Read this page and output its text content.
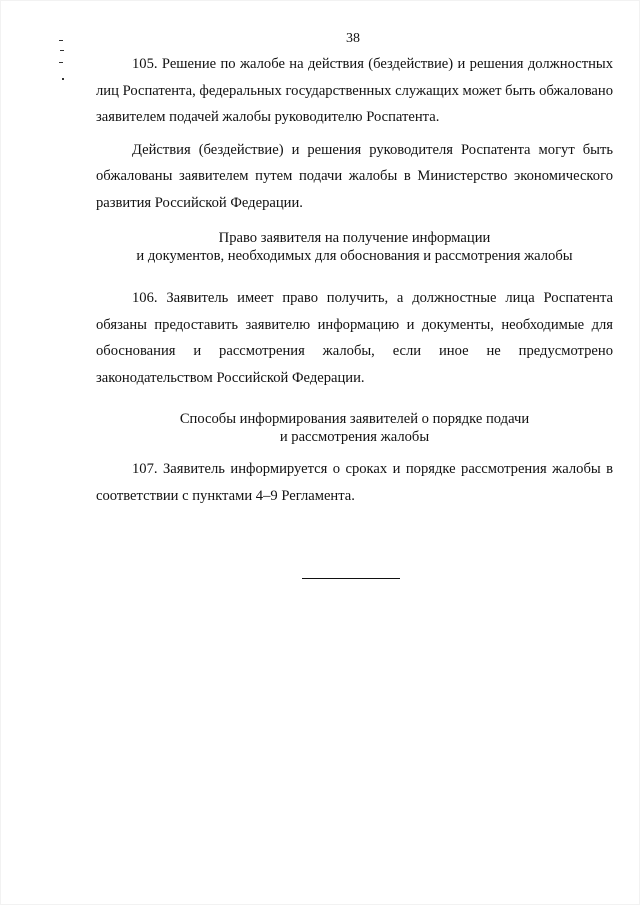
38

105. Решение по жалобе на действия (бездействие) и решения должностных лиц Роспатента, федеральных государственных служащих может быть обжаловано заявителем подачей жалобы руководителю Роспатента.

Действия (бездействие) и решения руководителя Роспатента могут быть обжалованы заявителем путем подачи жалобы в Министерство экономического развития Российской Федерации.

Право заявителя на получение информации
и документов, необходимых для обоснования и рассмотрения жалобы

106. Заявитель имеет право получить, а должностные лица Роспатента обязаны предоставить заявителю информацию и документы, необходимые для обоснования и рассмотрения жалобы, если иное не предусмотрено законодательством Российской Федерации.

Способы информирования заявителей о порядке подачи
и рассмотрения жалобы

107. Заявитель информируется о сроках и порядке рассмотрения жалобы в соответствии с пунктами 4–9 Регламента.
